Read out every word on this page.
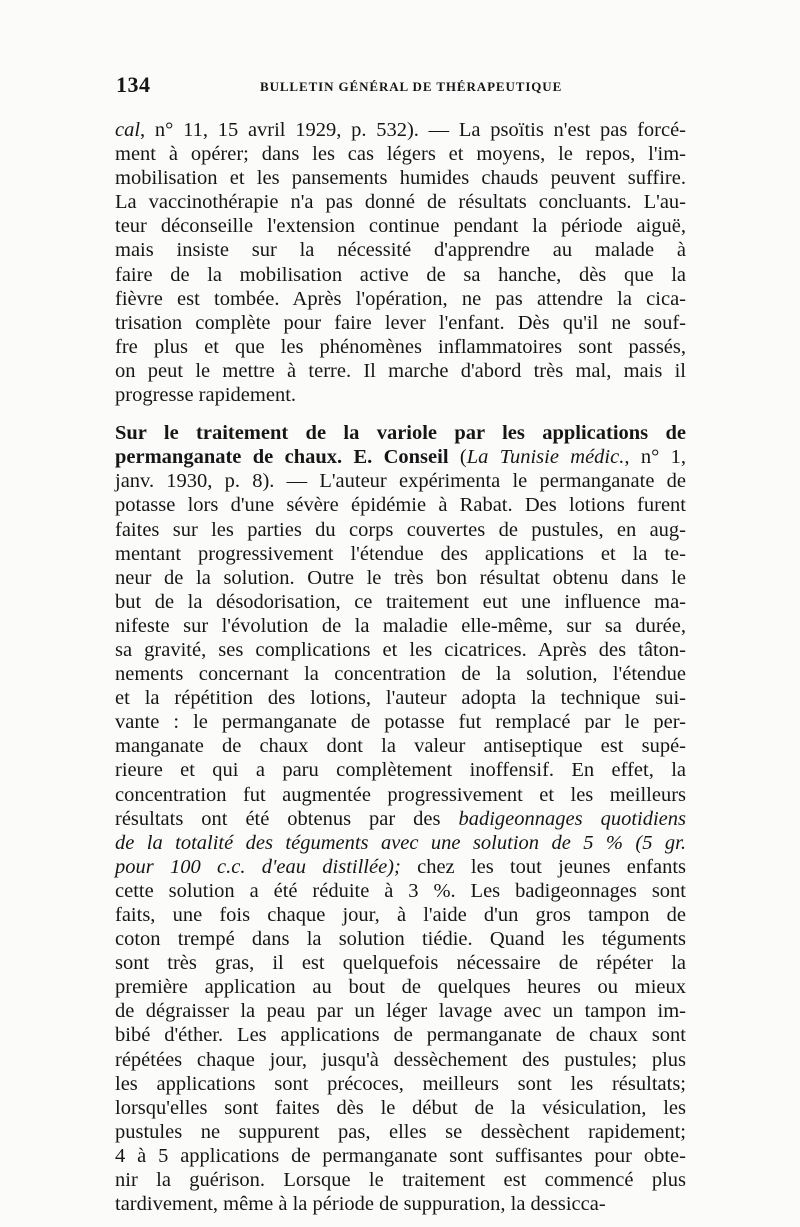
134	BULLETIN GÉNÉRAL DE THÉRAPEUTIQUE
cal, n° 11, 15 avril 1929, p. 532). — La psoïtis n'est pas forcé-
ment à opérer; dans les cas légers et moyens, le repos, l'im-
mobilisation et les pansements humides chauds peuvent suffire.
La vaccinothérapie n'a pas donné de résultats concluants. L'au-
teur déconseille l'extension continue pendant la période aiguë,
mais insiste sur la nécessité d'apprendre au malade à
faire de la mobilisation active de sa hanche, dès que la
fièvre est tombée. Après l'opération, ne pas attendre la cica-
trisation complète pour faire lever l'enfant. Dès qu'il ne souf-
fre plus et que les phénomènes inflammatoires sont passés,
on peut le mettre à terre. Il marche d'abord très mal, mais il
progresse rapidement.
Sur le traitement de la variole par les applications de
permanganate de chaux. E. Conseil (La Tunisie médic., n° 1,
janv. 1930, p. 8). — L'auteur expérimenta le permanganate de
potasse lors d'une sévère épidémie à Rabat. Des lotions furent
faites sur les parties du corps couvertes de pustules, en aug-
mentant progressivement l'étendue des applications et la te-
neur de la solution. Outre le très bon résultat obtenu dans le
but de la désodorisation, ce traitement eut une influence ma-
nifeste sur l'évolution de la maladie elle-même, sur sa durée,
sa gravité, ses complications et les cicatrices. Après des tâton-
nements concernant la concentration de la solution, l'étendue
et la répétition des lotions, l'auteur adopta la technique sui-
vante : le permanganate de potasse fut remplacé par le per-
manganate de chaux dont la valeur antiseptique est supé-
rieure et qui a paru complètement inoffensif. En effet, la
concentration fut augmentée progressivement et les meilleurs
résultats ont été obtenus par des badigeonnages quotidiens
de la totalité des téguments avec une solution de 5 % (5 gr.
pour 100 c.c. d'eau distillée); chez les tout jeunes enfants
cette solution a été réduite à 3 %. Les badigeonnages sont
faits, une fois chaque jour, à l'aide d'un gros tampon de
coton trempé dans la solution tiédie. Quand les téguments
sont très gras, il est quelquefois nécessaire de répéter la
première application au bout de quelques heures ou mieux
de dégraisser la peau par un léger lavage avec un tampon im-
bibé d'éther. Les applications de permanganate de chaux sont
répétées chaque jour, jusqu'à dessèchement des pustules; plus
les applications sont précoces, meilleurs sont les résultats;
lorsqu'elles sont faites dès le début de la vésiculation, les
pustules ne suppurent pas, elles se dessèchent rapidement;
4 à 5 applications de permanganate sont suffisantes pour obte-
nir la guérison. Lorsque le traitement est commencé plus
tardivement, même à la période de suppuration, la dessicca-
